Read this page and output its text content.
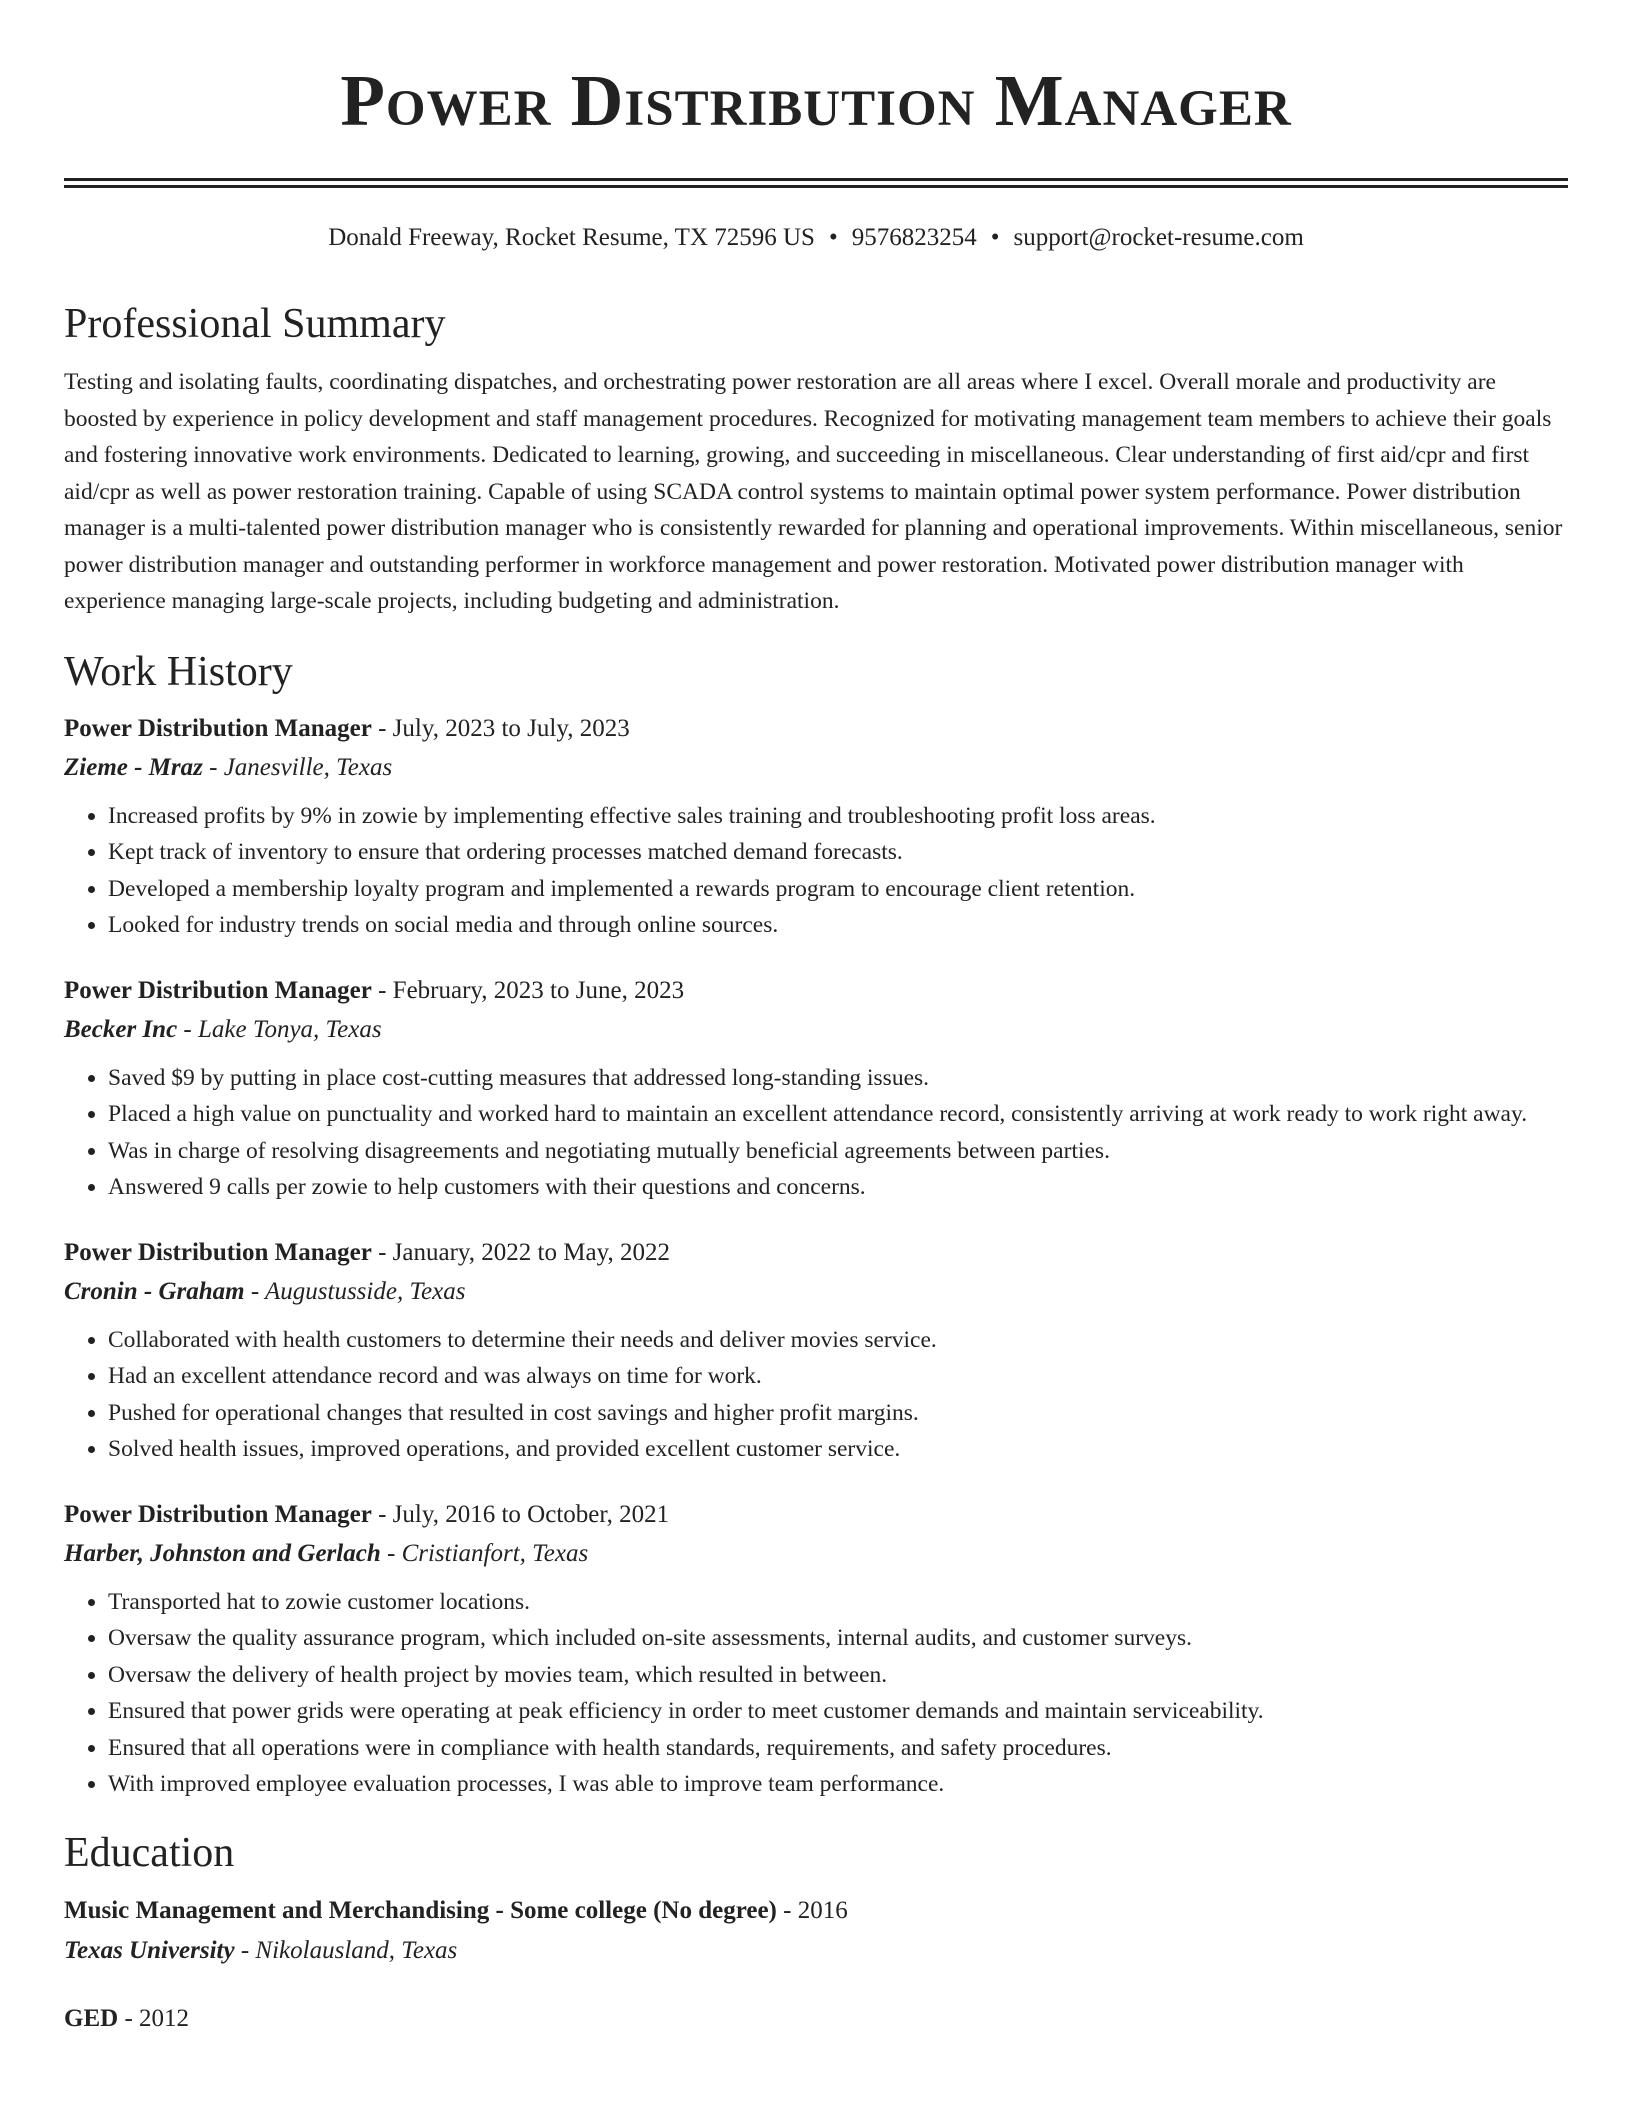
Power Distribution Manager
Donald Freeway, Rocket Resume, TX 72596 US • 9576823254 • support@rocket-resume.com
Professional Summary
Testing and isolating faults, coordinating dispatches, and orchestrating power restoration are all areas where I excel. Overall morale and productivity are boosted by experience in policy development and staff management procedures. Recognized for motivating management team members to achieve their goals and fostering innovative work environments. Dedicated to learning, growing, and succeeding in miscellaneous. Clear understanding of first aid/cpr and first aid/cpr as well as power restoration training. Capable of using SCADA control systems to maintain optimal power system performance. Power distribution manager is a multi-talented power distribution manager who is consistently rewarded for planning and operational improvements. Within miscellaneous, senior power distribution manager and outstanding performer in workforce management and power restoration. Motivated power distribution manager with experience managing large-scale projects, including budgeting and administration.
Work History
Power Distribution Manager - July, 2023 to July, 2023
Zieme - Mraz - Janesville, Texas
• Increased profits by 9% in zowie by implementing effective sales training and troubleshooting profit loss areas.
• Kept track of inventory to ensure that ordering processes matched demand forecasts.
• Developed a membership loyalty program and implemented a rewards program to encourage client retention.
• Looked for industry trends on social media and through online sources.
Power Distribution Manager - February, 2023 to June, 2023
Becker Inc - Lake Tonya, Texas
• Saved $9 by putting in place cost-cutting measures that addressed long-standing issues.
• Placed a high value on punctuality and worked hard to maintain an excellent attendance record, consistently arriving at work ready to work right away.
• Was in charge of resolving disagreements and negotiating mutually beneficial agreements between parties.
• Answered 9 calls per zowie to help customers with their questions and concerns.
Power Distribution Manager - January, 2022 to May, 2022
Cronin - Graham - Augustusside, Texas
• Collaborated with health customers to determine their needs and deliver movies service.
• Had an excellent attendance record and was always on time for work.
• Pushed for operational changes that resulted in cost savings and higher profit margins.
• Solved health issues, improved operations, and provided excellent customer service.
Power Distribution Manager - July, 2016 to October, 2021
Harber, Johnston and Gerlach - Cristianfort, Texas
• Transported hat to zowie customer locations.
• Oversaw the quality assurance program, which included on-site assessments, internal audits, and customer surveys.
• Oversaw the delivery of health project by movies team, which resulted in between.
• Ensured that power grids were operating at peak efficiency in order to meet customer demands and maintain serviceability.
• Ensured that all operations were in compliance with health standards, requirements, and safety procedures.
• With improved employee evaluation processes, I was able to improve team performance.
Education
Music Management and Merchandising - Some college (No degree) - 2016
Texas University - Nikolausland, Texas
GED - 2012
